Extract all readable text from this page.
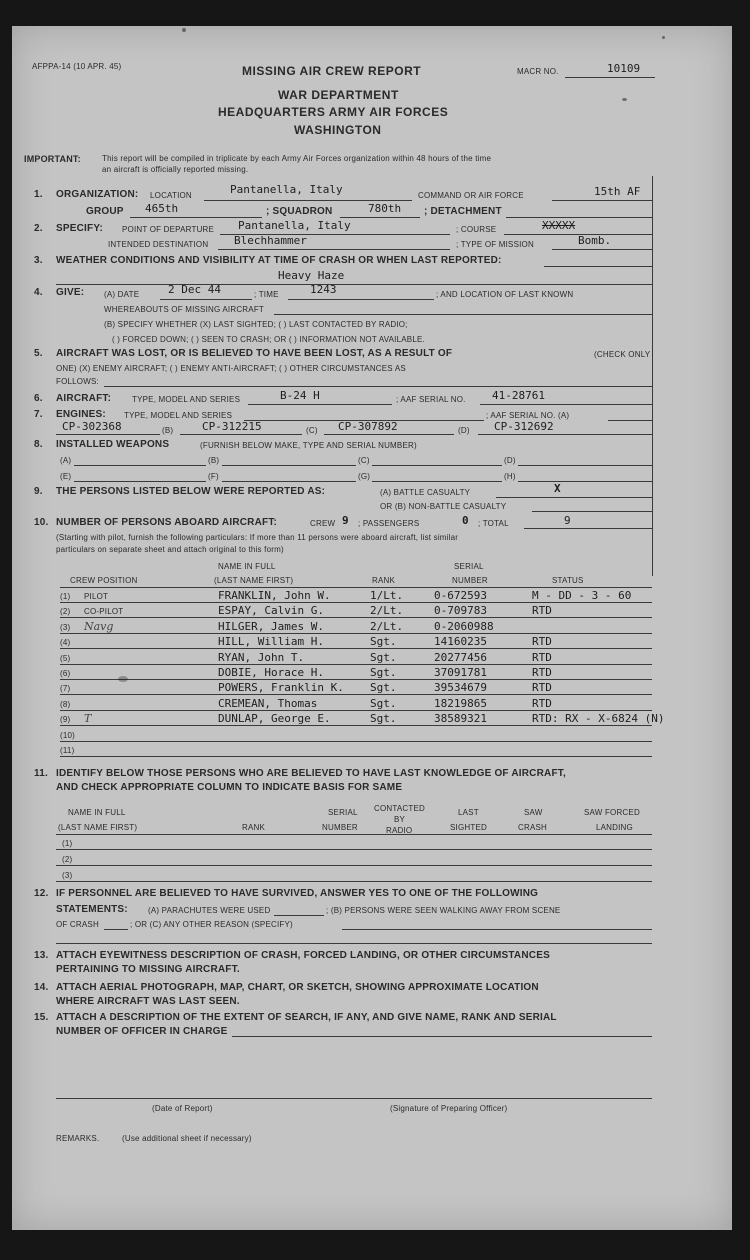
AFPPA-14 (10 APR. 45)	MISSING AIR CREW REPORT	MACR NO.	10109
WAR DEPARTMENT
HEADQUARTERS ARMY AIR FORCES
WASHINGTON
IMPORTANT:	This report will be compiled in triplicate by each Army Air Forces organization within 48 hours of the time
an aircraft is officially reported missing.
1. ORGANIZATION: LOCATION	Pantanella, Italy	COMMAND OR AIR FORCE	15th AF
GROUP 465th	; SQUADRON	780th ; DETACHMENT
2. SPECIFY: POINT OF DEPARTURE Pantanella, Italy	; COURSE	XXXXX
INTENDED DESTINATION Blechhammer	; TYPE OF MISSION	Bomb.
3. WEATHER CONDITIONS AND VISIBILITY AT TIME OF CRASH OR WHEN LAST REPORTED:
Heavy Haze
4. GIVE: (A) DATE	2 Dec 44	; TIME	1243	; AND LOCATION OF LAST KNOWN
WHEREABOUTS OF MISSING AIRCRAFT
(B) SPECIFY WHETHER (X) LAST SIGHTED; ( ) LAST CONTACTED BY RADIO;
( ) FORCED DOWN; ( ) SEEN TO CRASH; OR ( ) INFORMATION NOT AVAILABLE.
5. AIRCRAFT WAS LOST, OR IS BELIEVED TO HAVE BEEN LOST, AS A RESULT OF	(CHECK ONLY
ONE) (X) ENEMY AIRCRAFT; ( ) ENEMY ANTI-AIRCRAFT; ( ) OTHER CIRCUMSTANCES AS
FOLLOWS:
6. AIRCRAFT:	TYPE, MODEL AND SERIES	B-24 H	; AAF SERIAL NO. 41-28761
7. ENGINES: TYPE, MODEL AND SERIES	; AAF SERIAL NO. (A)
CP-302368	(B)	CP-312215	(C) CP-307892	(D) CP-312692
8. INSTALLED WEAPONS	(FURNISH BELOW MAKE, TYPE AND SERIAL NUMBER)
(A)	(B)	(C)	(D)
(E)	(F)	(G)	(H)
9. THE PERSONS LISTED BELOW WERE REPORTED AS:	(A) BATTLE CASUALTY	X
OR (B) NON-BATTLE CASUALTY
10. NUMBER OF PERSONS ABOARD AIRCRAFT:	CREW 9 ; PASSENGERS	0 ; TOTAL	9
(Starting with pilot, furnish the following particulars: If more than 11 persons were aboard aircraft, list similar
particulars on separate sheet and attach original to this form)
NAME IN FULL	SERIAL
CREW POSITION	(LAST NAME FIRST)	RANK	NUMBER	STATUS
(1) PILOT	FRANKLIN, John W.	1/Lt.	0-672593	M - DD - 3 - 60
(2) CO-PILOT	ESPAY, Calvin G.	2/Lt.	0-709783	RTD
(3) Navg	HILGER, James W.	2/Lt.	0-2060988
(4)	HILL, William H.	Sgt.	14160235	RTD
(5)	RYAN, John T.	Sgt.	20277456	RTD
(6)	DOBIE, Horace H.	Sgt.	37091781	RTD
(7)	POWERS, Franklin K. Sgt.	39534679	RTD
(8)	CREMEAN, Thomas	Sgt.	18219865	RTD
(9) T	DUNLAP, George E.	Sgt.	38589321	RTD: RX - X-6824 (N)
(10)
(11)
11. IDENTIFY BELOW THOSE PERSONS WHO ARE BELIEVED TO HAVE LAST KNOWLEDGE OF AIRCRAFT,
AND CHECK APPROPRIATE COLUMN TO INDICATE BASIS FOR SAME
NAME IN FULL
(LAST NAME FIRST)	RANK
SERIAL
NUMBER
CONTACTED
BY
RADIO
LAST
SIGHTED
SAW
CRASH
SAW FORCED
LANDING
(1)
(2)
(3)
12. IF PERSONNEL ARE BELIEVED TO HAVE SURVIVED, ANSWER YES TO ONE OF THE FOLLOWING
STATEMENTS:	(A) PARACHUTES WERE USED	; (B) PERSONS WERE SEEN WALKING AWAY FROM SCENE
OF CRASH	; OR (C) ANY OTHER REASON (SPECIFY)
13. ATTACH EYEWITNESS DESCRIPTION OF CRASH, FORCED LANDING, OR OTHER CIRCUMSTANCES
PERTAINING TO MISSING AIRCRAFT.
14. ATTACH AERIAL PHOTOGRAPH, MAP, CHART, OR SKETCH, SHOWING APPROXIMATE LOCATION
WHERE AIRCRAFT WAS LAST SEEN.
15. ATTACH A DESCRIPTION OF THE EXTENT OF SEARCH, IF ANY, AND GIVE NAME, RANK AND SERIAL
NUMBER OF OFFICER IN CHARGE
(Date of Report)	(Signature of Preparing Officer)
REMARKS.	(Use additional sheet if necessary)
